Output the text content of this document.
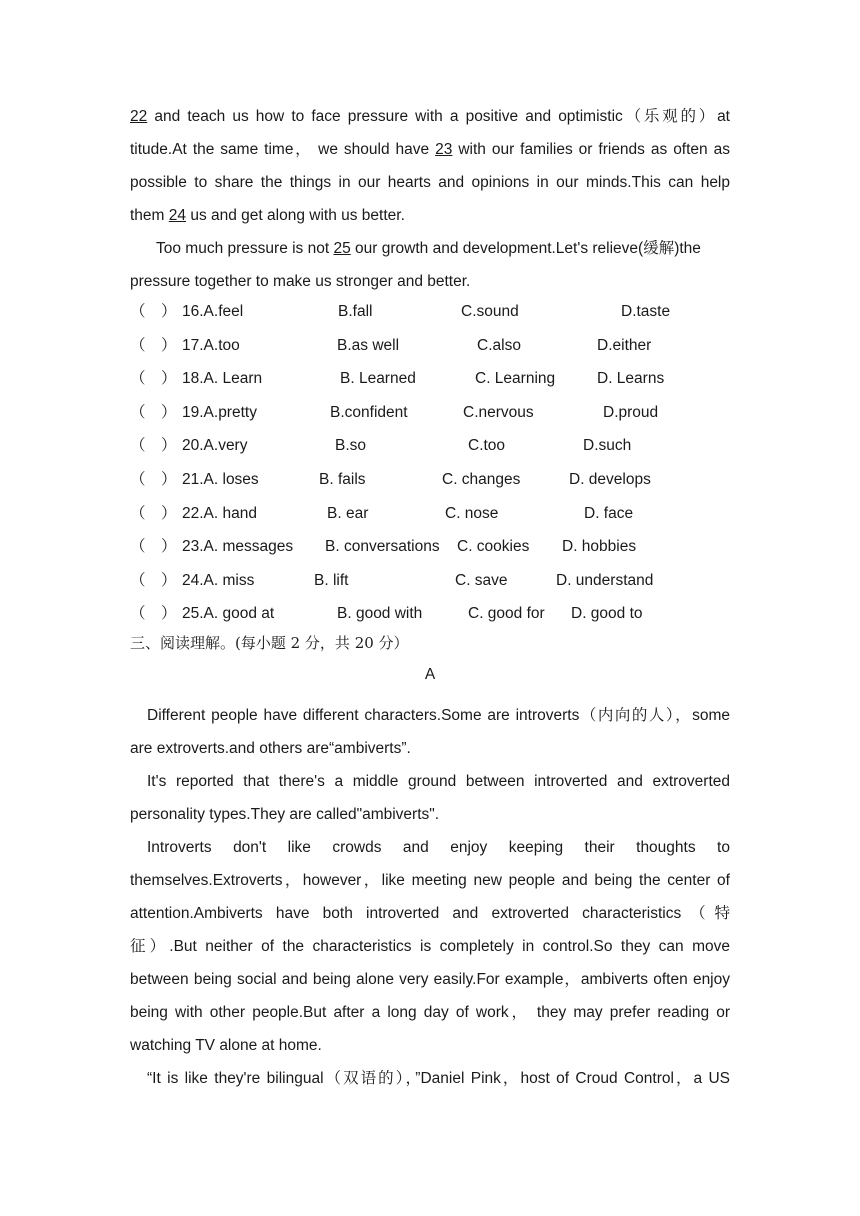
22 and teach us how to face pressure with a positive and optimistic（乐观的）at
titude.At the same time， we should have 23 with our families or friends as often as
possible to share the things in our hearts and opinions in our minds.This can help
them 24 us and get along with us better.
Too much pressure is not 25 our growth and development.Let's relieve(缓解)the
pressure together to make us stronger and better.
（　） 16.A.feel	B.fall	C.sound	D.taste
（　） 17.A.too	B.as well	C.also	D.either
（　） 18.A. Learn	B. Learned	C. Learning	D. Learns
（　） 19.A.pretty	B.confident	C.nervous	D.proud
（　） 20.A.very	B.so	C.too	D.such
（　） 21.A. loses	B. fails	C. changes	D. develops
（　） 22.A. hand	B. ear	C. nose	D. face
（　） 23.A. messages B. conversations C. cookies D. hobbies
（　） 24.A. miss	B. lift	C. save	D. understand
（　） 25.A. good at	B. good with	C. good for D. good to
三、阅读理解。(每小题 2 分，共 20 分）
A
Different people have different characters.Some are introverts（内向的人），some
are extroverts.and others are“ambiverts”.
It's reported that there's a middle ground between introverted and extroverted
personality types.They are called"ambiverts".
Introverts don't like crowds and enjoy keeping their thoughts to
themselves.Extroverts，however，like meeting new people and being the center of
attention.Ambiverts have both introverted and extroverted characteristics（特
征）.But neither of the characteristics is completely in control.So they can move
between being social and being alone very easily.For example，ambiverts often enjoy
being with other people.But after a long day of work， they may prefer reading or
watching TV alone at home.
“It is like they're bilingual（双语的），”Daniel Pink，host of Croud Control，a US
